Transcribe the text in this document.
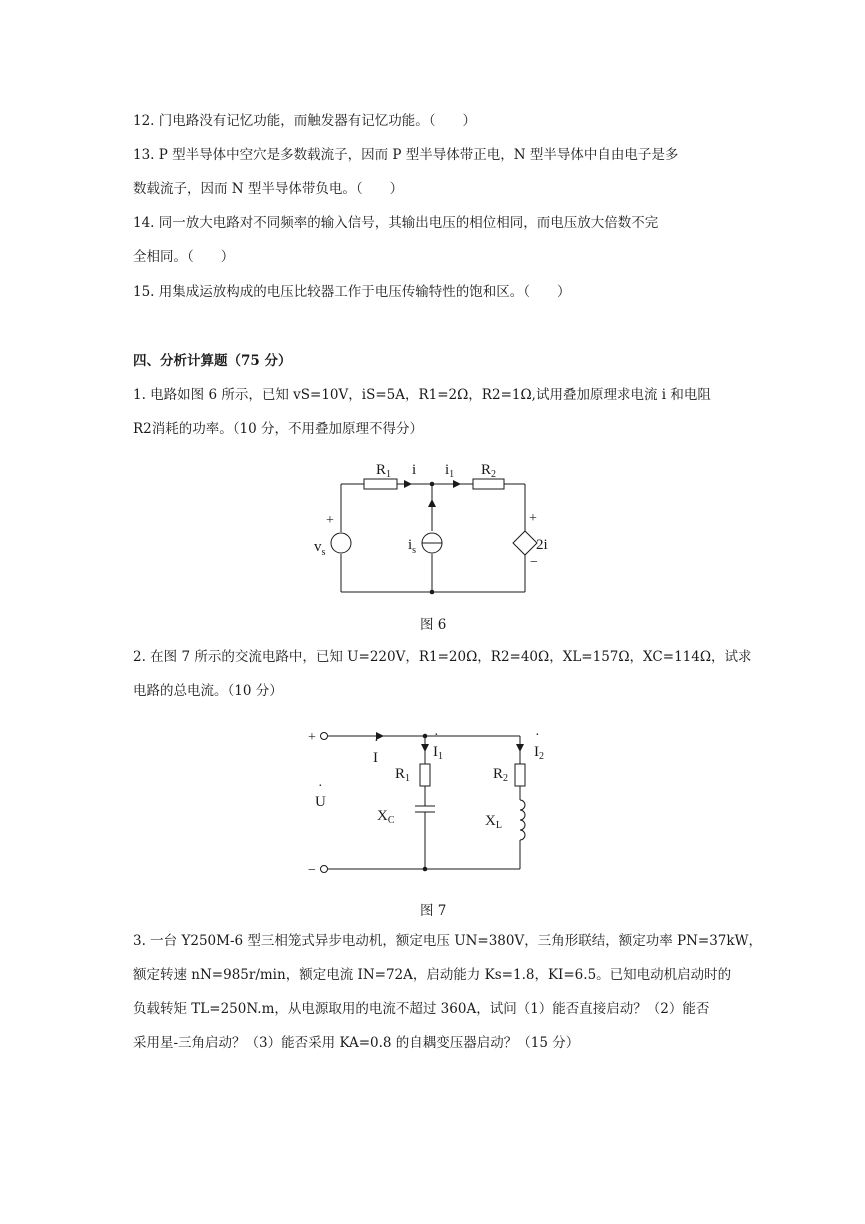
12. 门电路没有记忆功能，而触发器有记忆功能。（　　）
13. P 型半导体中空穴是多数载流子，因而 P 型半导体带正电，N 型半导体中自由电子是多
数载流子，因而 N 型半导体带负电。（　　）
14. 同一放大电路对不同频率的输入信号，其输出电压的相位相同，而电压放大倍数不完
全相同。（　　）
15. 用集成运放构成的电压比较器工作于电压传输特性的饱和区。（　　）
四、分析计算题（75 分）
1. 电路如图 6 所示，已知 vS=10V，iS=5A，R1=2Ω，R2=1Ω,试用叠加原理求电流 i 和电阻
R2消耗的功率。（10 分，不用叠加原理不得分）
$R_1$ i $i_1$ $R_2$
+
$v_s$	$i_s$
+
2i
−
图 6
2. 在图 7 所示的交流电路中，已知 U=220V，R1=20Ω，R2=40Ω，XL=157Ω，XC=114Ω，试求
电路的总电流。（10 分）
+
−
·
I
·
$I_1$
·
$I_2$
$R_1$	$R_2$
·
U
$X_C$	$X_L$
图 7
3. 一台 Y250M-6 型三相笼式异步电动机，额定电压 UN=380V，三角形联结，额定功率 PN=37kW，
额定转速 nN=985r/min，额定电流 IN=72A，启动能力 Ks=1.8，KI=6.5。已知电动机启动时的
负载转矩 TL=250N.m，从电源取用的电流不超过 360A，试问（1）能否直接启动？（2）能否
采用星-三角启动？（3）能否采用 KA=0.8 的自耦变压器启动？（15 分）
